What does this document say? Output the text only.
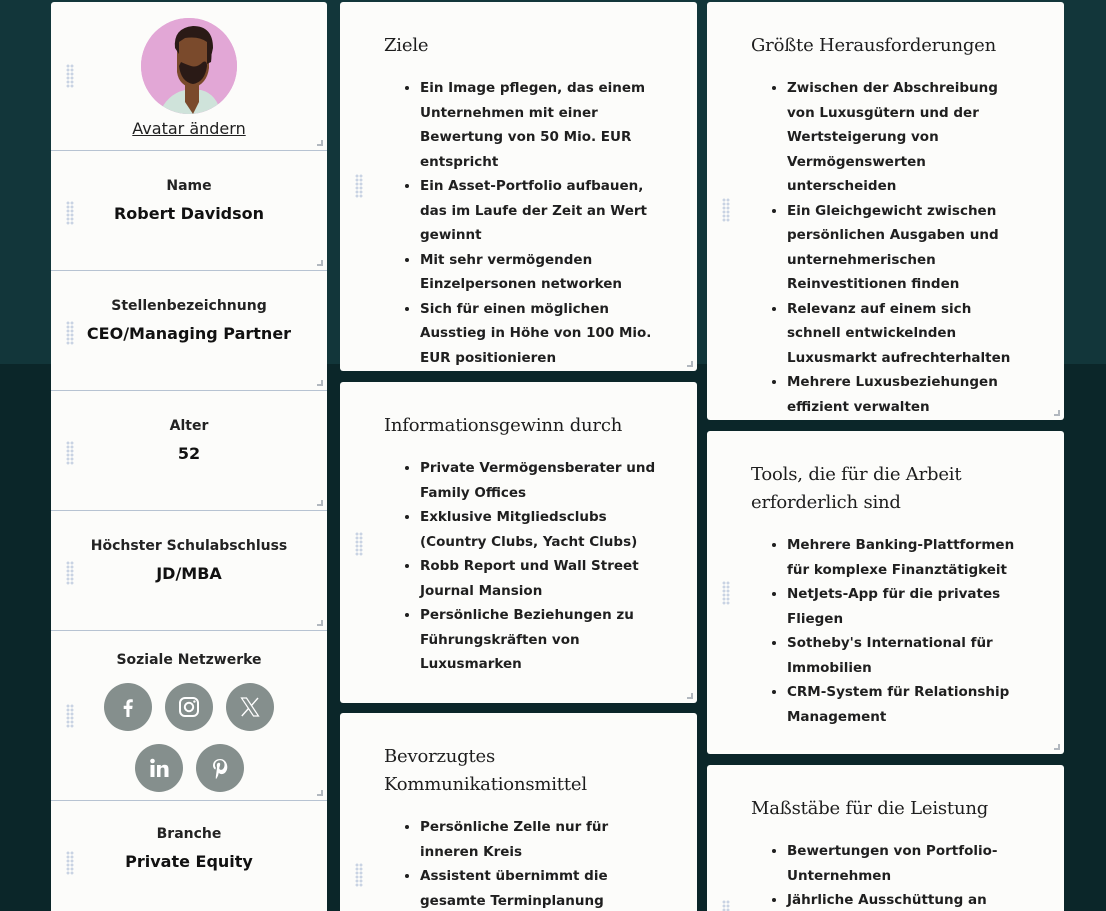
Avatar ändern
Name
Robert Davidson
Stellenbezeichnung
CEO/Managing Partner
Alter
52
Höchster Schulabschluss
JD/MBA
Soziale Netzwerke
Branche
Private Equity
Ziele
• Ein Image pflegen, das einem Unternehmen mit einer Bewertung von 50 Mio. EUR entspricht
• Ein Asset-Portfolio aufbauen, das im Laufe der Zeit an Wert gewinnt
• Mit sehr vermögenden Einzelpersonen networken
• Sich für einen möglichen Ausstieg in Höhe von 100 Mio. EUR positionieren
Informationsgewinn durch
• Private Vermögensberater und Family Offices
• Exklusive Mitgliedsclubs (Country Clubs, Yacht Clubs)
• Robb Report und Wall Street Journal Mansion
• Persönliche Beziehungen zu Führungskräften von Luxusmarken
Bevorzugtes Kommunikationsmittel
• Persönliche Zelle nur für inneren Kreis
• Assistent übernimmt die gesamte Terminplanung
Größte Herausforderungen
• Zwischen der Abschreibung von Luxusgütern und der Wertsteigerung von Vermögenswerten unterscheiden
• Ein Gleichgewicht zwischen persönlichen Ausgaben und unternehmerischen Reinvestitionen finden
• Relevanz auf einem sich schnell entwickelnden Luxusmarkt aufrechterhalten
• Mehrere Luxusbeziehungen effizient verwalten
Tools, die für die Arbeit erforderlich sind
• Mehrere Banking-Plattformen für komplexe Finanztätigkeit
• NetJets-App für die privates Fliegen
• Sotheby's International für Immobilien
• CRM-System für Relationship Management
Maßstäbe für die Leistung
• Bewertungen von Portfolio-Unternehmen
• Jährliche Ausschüttung an
